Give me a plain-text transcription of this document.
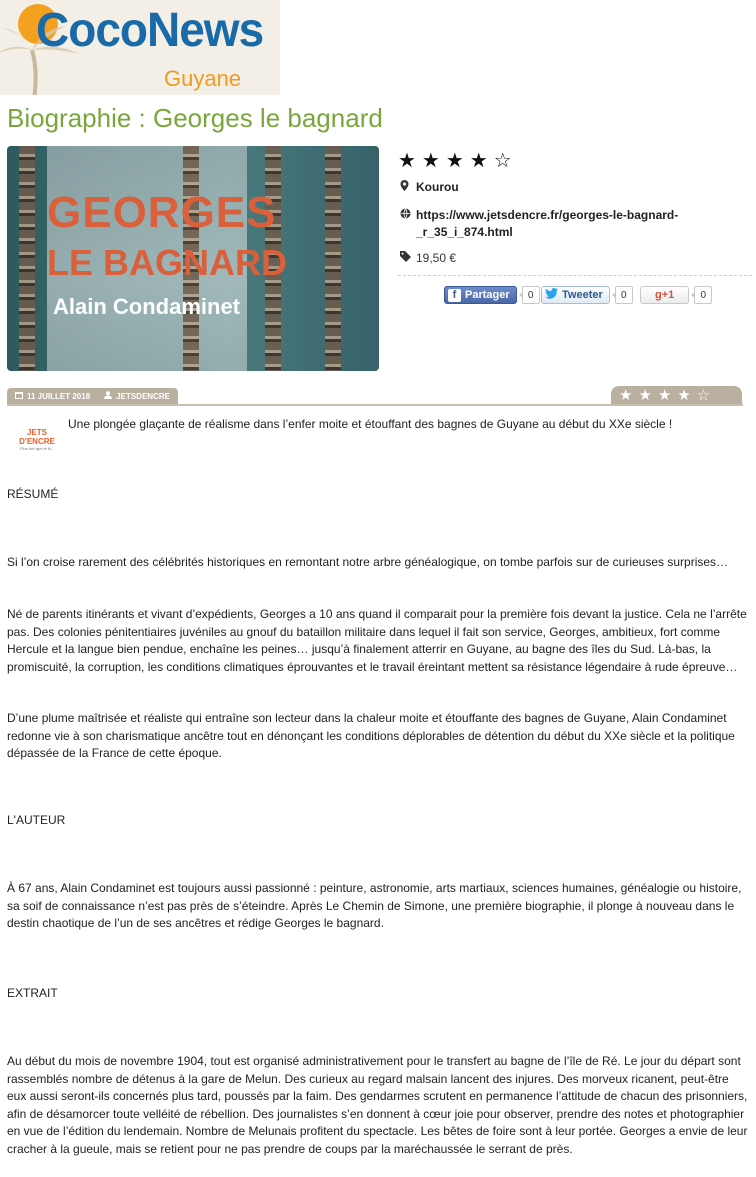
CocoNews
Guyane
Biographie : Georges le bagnard
GEORGES
LE BAGNARD
Alain Condaminet
★★★★☆
Kourou
https://www.jetsdencre.fr/georges-le-bagnard-
_r_35_i_874.html
19,50 €
f Partager	0	Tweeter	0	g +1	0
11 JUILLET 2018	JETSDENCRE	★★★★☆
JETS D'ENCRE
Plus fort que le fil...

Une plongée glaçante de réalisme dans l’enfer moite et étouffant des bagnes de Guyane au début du XXe siècle !

RÉSUMÉ

Si l’on croise rarement des célébrités historiques en remontant notre arbre généalogique, on tombe parfois sur de curieuses surprises…

Né de parents itinérants et vivant d’expédients, Georges a 10 ans quand il comparait pour la première fois devant la justice. Cela ne l’arrête pas. Des colonies pénitentiaires juvéniles au gnouf du bataillon militaire dans lequel il fait son service, Georges, ambitieux, fort comme Hercule et la langue bien pendue, enchaîne les peines… jusqu’à finalement atterrir en Guyane, au bagne des îles du Sud. Là-bas, la promiscuité, la corruption, les conditions climatiques éprouvantes et le travail éreintant mettent sa résistance légendaire à rude épreuve…

D’une plume maîtrisée et réaliste qui entraîne son lecteur dans la chaleur moite et étouffante des bagnes de Guyane, Alain Condaminet redonne vie à son charismatique ancêtre tout en dénonçant les conditions déplorables de détention du début du XXe siècle et la politique dépassée de la France de cette époque.

L'AUTEUR

À 67 ans, Alain Condaminet est toujours aussi passionné : peinture, astronomie, arts martiaux, sciences humaines, généalogie ou histoire, sa soif de connaissance n’est pas près de s’éteindre. Après Le Chemin de Simone, une première biographie, il plonge à nouveau dans le destin chaotique de l’un de ses ancêtres et rédige Georges le bagnard.

EXTRAIT

Au début du mois de novembre 1904, tout est organisé administrativement pour le transfert au bagne de l’île de Ré. Le jour du départ sont rassemblés nombre de détenus à la gare de Melun. Des curieux au regard malsain lancent des injures. Des morveux ricanent, peut-être eux aussi seront-ils concernés plus tard, poussés par la faim. Des gendarmes scrutent en permanence l’attitude de chacun des prisonniers, afin de désamorcer toute velléité de rébellion. Des journalistes s’en donnent à cœur joie pour observer, prendre des notes et photographier en vue de l’édition du lendemain. Nombre de Melunais profitent du spectacle. Les bêtes de foire sont à leur portée. Georges a envie de leur cracher à la gueule, mais se retient pour ne pas prendre de coups par la maréchaussée le serrant de près.
